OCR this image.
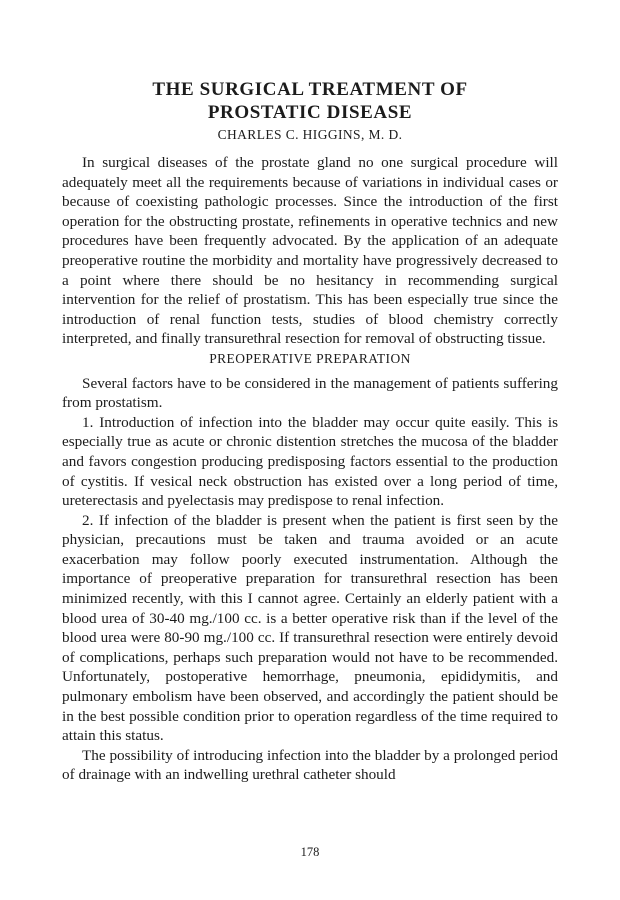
THE SURGICAL TREATMENT OF
PROSTATIC DISEASE
CHARLES C. HIGGINS, M. D.

In surgical diseases of the prostate gland no one surgical procedure will adequately meet all the requirements because of variations in individual cases or because of coexisting pathologic processes. Since the introduction of the first operation for the obstructing prostate, refinements in operative technics and new procedures have been frequently advocated. By the application of an adequate preoperative routine the morbidity and mortality have progressively decreased to a point where there should be no hesitancy in recommending surgical intervention for the relief of prostatism. This has been especially true since the introduction of renal function tests, studies of blood chemistry correctly interpreted, and finally transurethral resection for removal of obstructing tissue.

PREOPERATIVE PREPARATION

Several factors have to be considered in the management of patients suffering from prostatism.

1. Introduction of infection into the bladder may occur quite easily. This is especially true as acute or chronic distention stretches the mucosa of the bladder and favors congestion producing predisposing factors essential to the production of cystitis. If vesical neck obstruction has existed over a long period of time, ureterectasis and pyelectasis may predispose to renal infection.

2. If infection of the bladder is present when the patient is first seen by the physician, precautions must be taken and trauma avoided or an acute exacerbation may follow poorly executed instrumentation. Although the importance of preoperative preparation for transurethral resection has been minimized recently, with this I cannot agree. Certainly an elderly patient with a blood urea of 30-40 mg./100 cc. is a better operative risk than if the level of the blood urea were 80-90 mg./100 cc. If transurethral resection were entirely devoid of complications, perhaps such preparation would not have to be recommended. Unfortunately, postoperative hemorrhage, pneumonia, epididymitis, and pulmonary embolism have been observed, and accordingly the patient should be in the best possible condition prior to operation regardless of the time required to attain this status.

The possibility of introducing infection into the bladder by a prolonged period of drainage with an indwelling urethral catheter should

178
